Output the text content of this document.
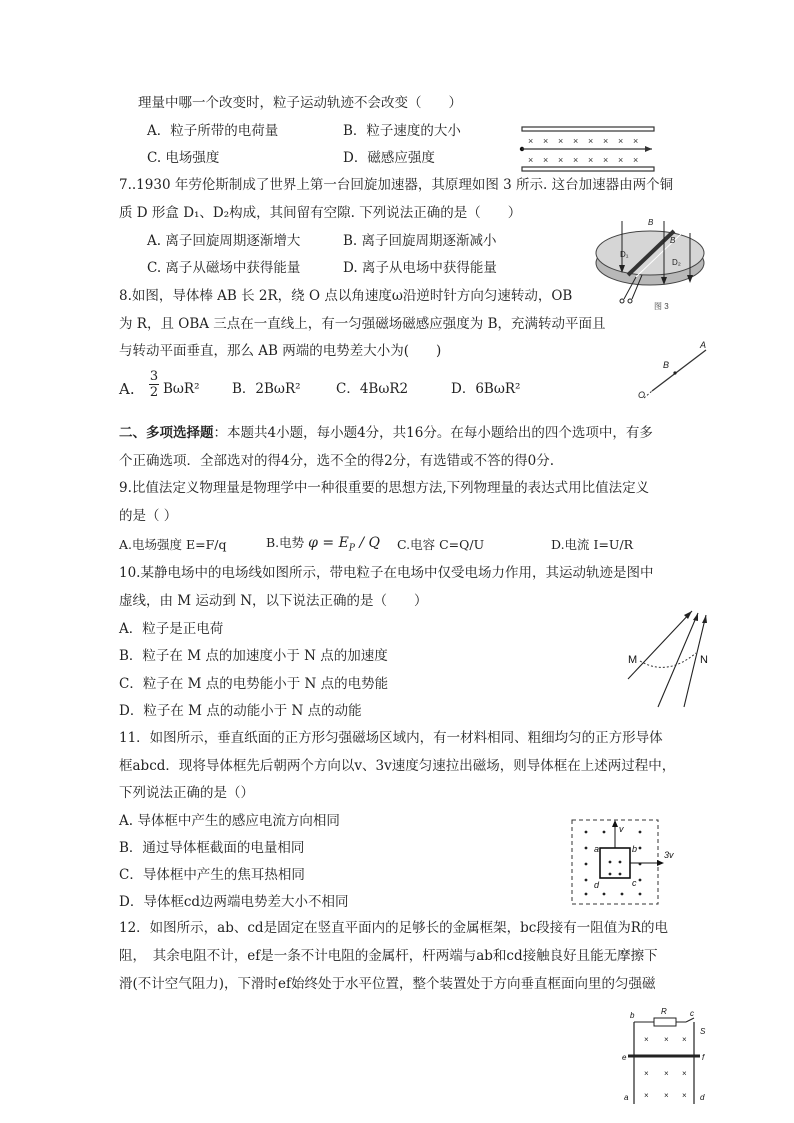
理量中哪一个改变时，粒子运动轨迹不会改变（　　）
A．粒子所带的电荷量	B．粒子速度的大小
C. 电场强度	D．磁感应强度
× × × × × × × ×
× × × × × × × ×
7..1930 年劳伦斯制成了世界上第一台回旋加速器，其原理如图 3 所示. 这台加速器由两个铜
质 D 形盒 D₁、D₂构成，其间留有空隙. 下列说法正确的是（　　）
A. 离子回旋周期逐渐增大	B. 离子回旋周期逐渐减小
C. 离子从磁场中获得能量	D. 离子从电场中获得能量
B
B
D₁
D₂
图 3
8.如图，导体棒 AB 长 2R，绕 O 点以角速度ω沿逆时针方向匀速转动，OB
为 R，且 OBA 三点在一直线上，有一匀强磁场磁感应强度为 B，充满转动平面且
与转动平面垂直，那么 AB 两端的电势差大小为(　　)
A. $\frac{3}{2} B\omega R^2$ B．2BωR²	C．4BωR2	D．6BωR²
A
B
O
二、多项选择题：本题共4小题，每小题4分，共16分。在每小题给出的四个选项中，有多
个正确选项．全部选对的得4分，选不全的得2分，有选错或不答的得0分.
9.比值法定义物理量是物理学中一种很重要的思想方法,下列物理量的表达式用比值法定义
的是（ ）
A.电场强度 E=F/q	B.电势 $\varphi = E_P / Q$ C.电容 C=Q/U	D.电流 I=U/R
10.某静电场中的电场线如图所示，带电粒子在电场中仅受电场力作用，其运动轨迹是图中
虚线，由 M 运动到 N，以下说法正确的是（　　）
A．粒子是正电荷
B．粒子在 M 点的加速度小于 N 点的加速度
C．粒子在 M 点的电势能小于 N 点的电势能
D．粒子在 M 点的动能小于 N 点的动能
M	N
11．如图所示，垂直纸面的正方形匀强磁场区域内，有一材料相同、粗细均匀的正方形导体
框abcd．现将导体框先后朝两个方向以v、3v速度匀速拉出磁场，则导体框在上述两过程中，
下列说法正确的是（）
A. 导体框中产生的感应电流方向相同
B．通过导体框截面的电量相同
C．导体框中产生的焦耳热相同
D．导体框cd边两端电势差大小不相同
v
3v
a	b
c
d
12．如图所示，ab、cd是固定在竖直平面内的足够长的金属框架，bc段接有一阻值为R的电
阻，　其余电阻不计，ef是一条不计电阻的金属杆，杆两端与ab和cd接触良好且能无摩擦下
滑(不计空气阻力)，下滑时ef始终处于水平位置，整个装置处于方向垂直框面向里的匀强磁
× × ×
× × ×
× × ×
R
b	c
S
e	f
a	d
